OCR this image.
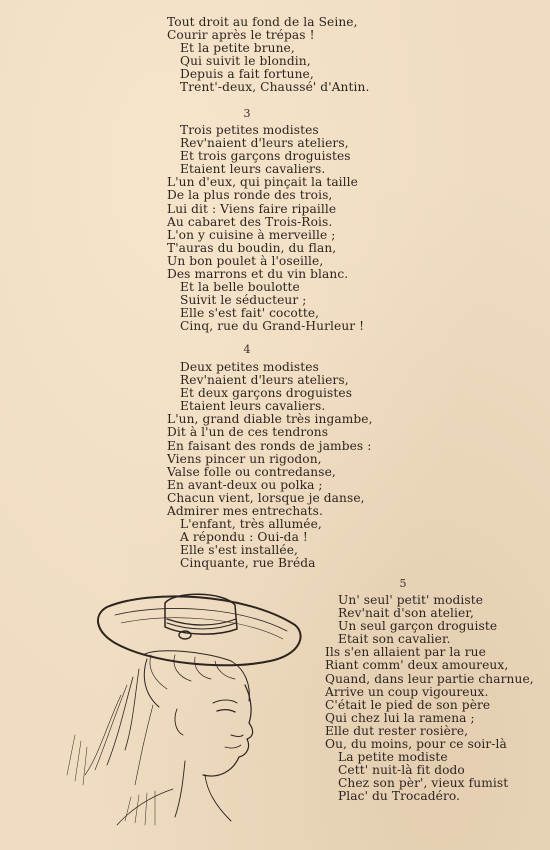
3
4
5
Tout droit au fond de la Seine,
Courir après le trépas !
Et la petite brune,
Qui suivit le blondin,
Depuis a fait fortune,
Trent'-deux, Chaussé' d'Antin.
Trois petites modistes
Rev'naient d'leurs ateliers,
Et trois garçons droguistes
Etaient leurs cavaliers.
L'un d'eux, qui pinçait la taille
De la plus ronde des trois,
Lui dit : Viens faire ripaille
Au cabaret des Trois-Rois.
L'on y cuisine à merveille ;
T'auras du boudin, du flan,
Un bon poulet à l'oseille,
Des marrons et du vin blanc.
Et la belle boulotte
Suivit le séducteur ;
Elle s'est fait' cocotte,
Cinq, rue du Grand-Hurleur !
Deux petites modistes
Rev'naient d'leurs ateliers,
Et deux garçons droguistes
Etaient leurs cavaliers.
L'un, grand diable très ingambe,
Dit à l'un de ces tendrons
En faisant des ronds de jambes :
Viens pincer un rigodon,
Valse folle ou contredanse,
En avant-deux ou polka ;
Chacun vient, lorsque je danse,
Admirer mes entrechats.
L'enfant, très allumée,
A répondu : Oui-da !
Elle s'est installée,
Cinquante, rue Bréda
Un' seul' petit' modiste
Rev'nait d'son atelier,
Un seul garçon droguiste
Etait son cavalier.
Ils s'en allaient par la rue
Riant comm' deux amoureux,
Quand, dans leur partie charnue,
Arrive un coup vigoureux.
C'était le pied de son père
Qui chez lui la ramena ;
Elle dut rester rosière,
Ou, du moins, pour ce soir-là
La petite modiste
Cett' nuit-là fit dodo
Chez son pèr', vieux fumist
Plac' du Trocadéro.
